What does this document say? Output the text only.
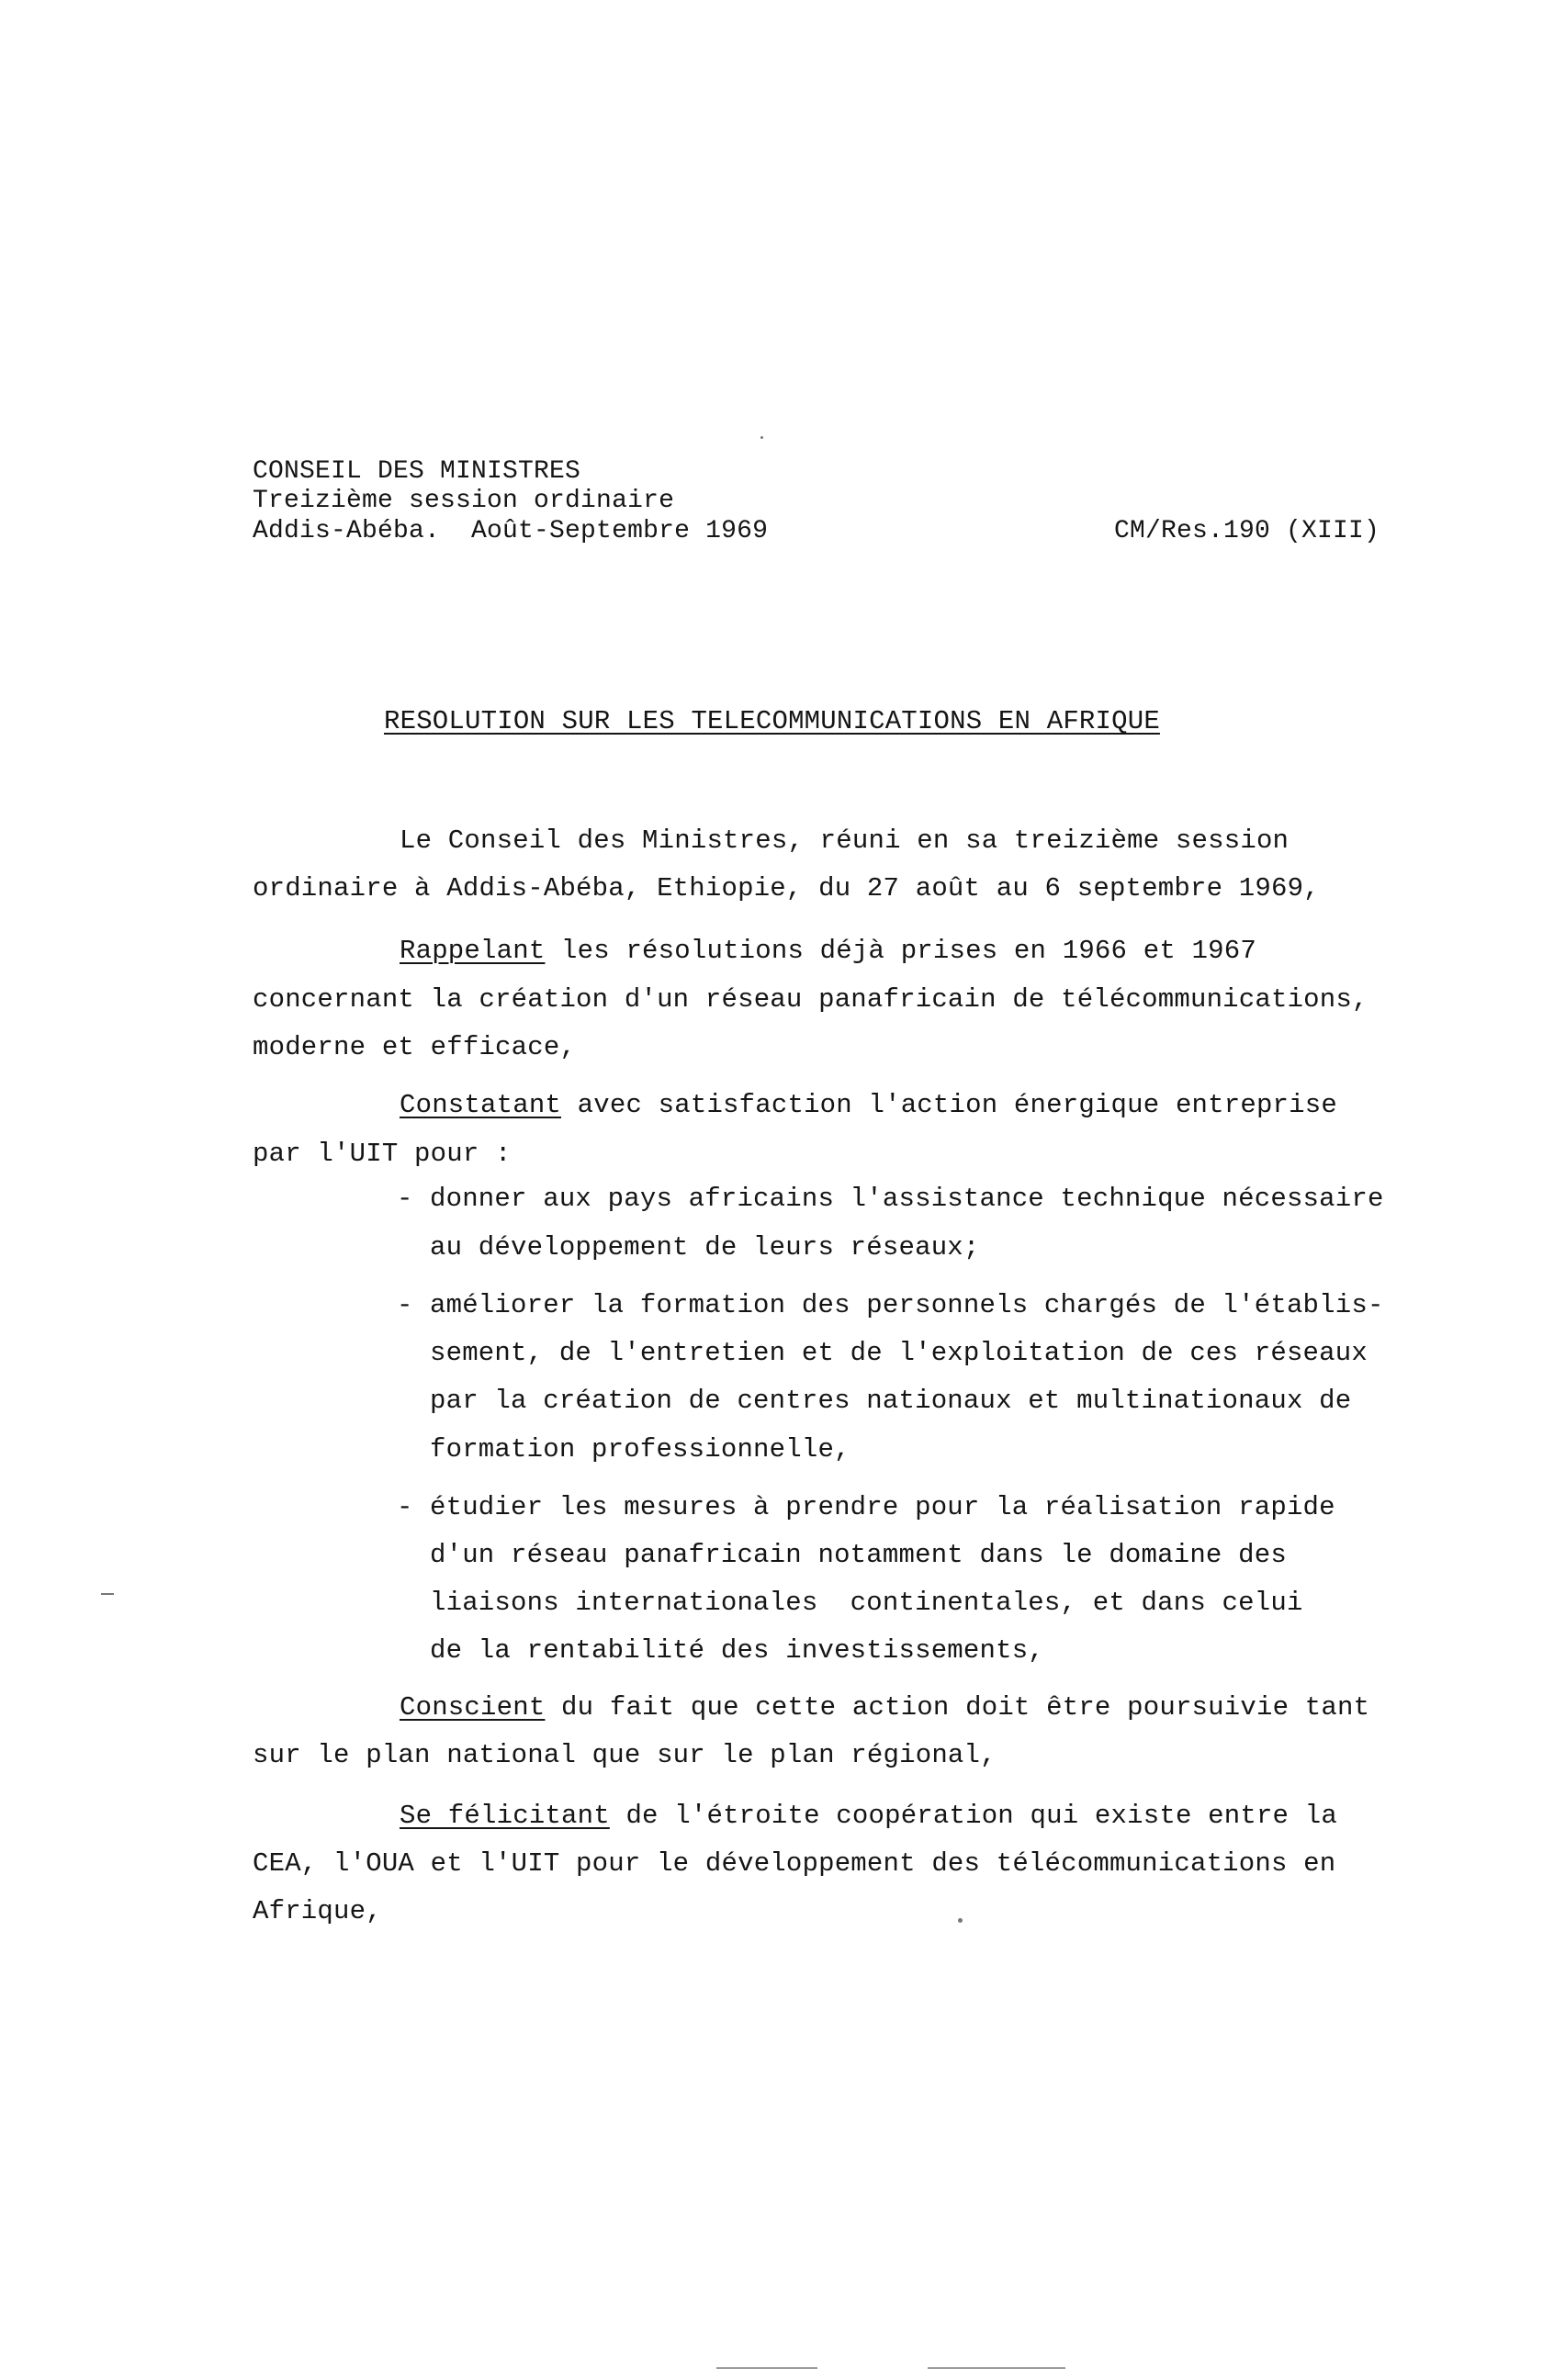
CONSEIL DES MINISTRES
Treizième session ordinaire
Addis-Abéba.  Août-Septembre 1969	CM/Res.190 (XIII)
RESOLUTION SUR LES TELECOMMUNICATIONS EN AFRIQUE
Le Conseil des Ministres, réuni en sa treizième session
ordinaire à Addis-Abéba, Ethiopie, du 27 août au 6 septembre 1969,
Rappelant les résolutions déjà prises en 1966 et 1967
concernant la création d'un réseau panafricain de télécommunications,
moderne et efficace,
Constatant avec satisfaction l'action énergique entreprise
par l'UIT pour :
- donner aux pays africains l'assistance technique nécessaire
au développement de leurs réseaux;
- améliorer la formation des personnels chargés de l'établis-
sement, de l'entretien et de l'exploitation de ces réseaux
par la création de centres nationaux et multinationaux de
formation professionnelle,
- étudier les mesures à prendre pour la réalisation rapide
d'un réseau panafricain notamment dans le domaine des
liaisons internationales  continentales, et dans celui
de la rentabilité des investissements,
Conscient du fait que cette action doit être poursuivie tant
sur le plan national que sur le plan régional,
Se félicitant de l'étroite coopération qui existe entre la
CEA, l'OUA et l'UIT pour le développement des télécommunications en
Afrique,
